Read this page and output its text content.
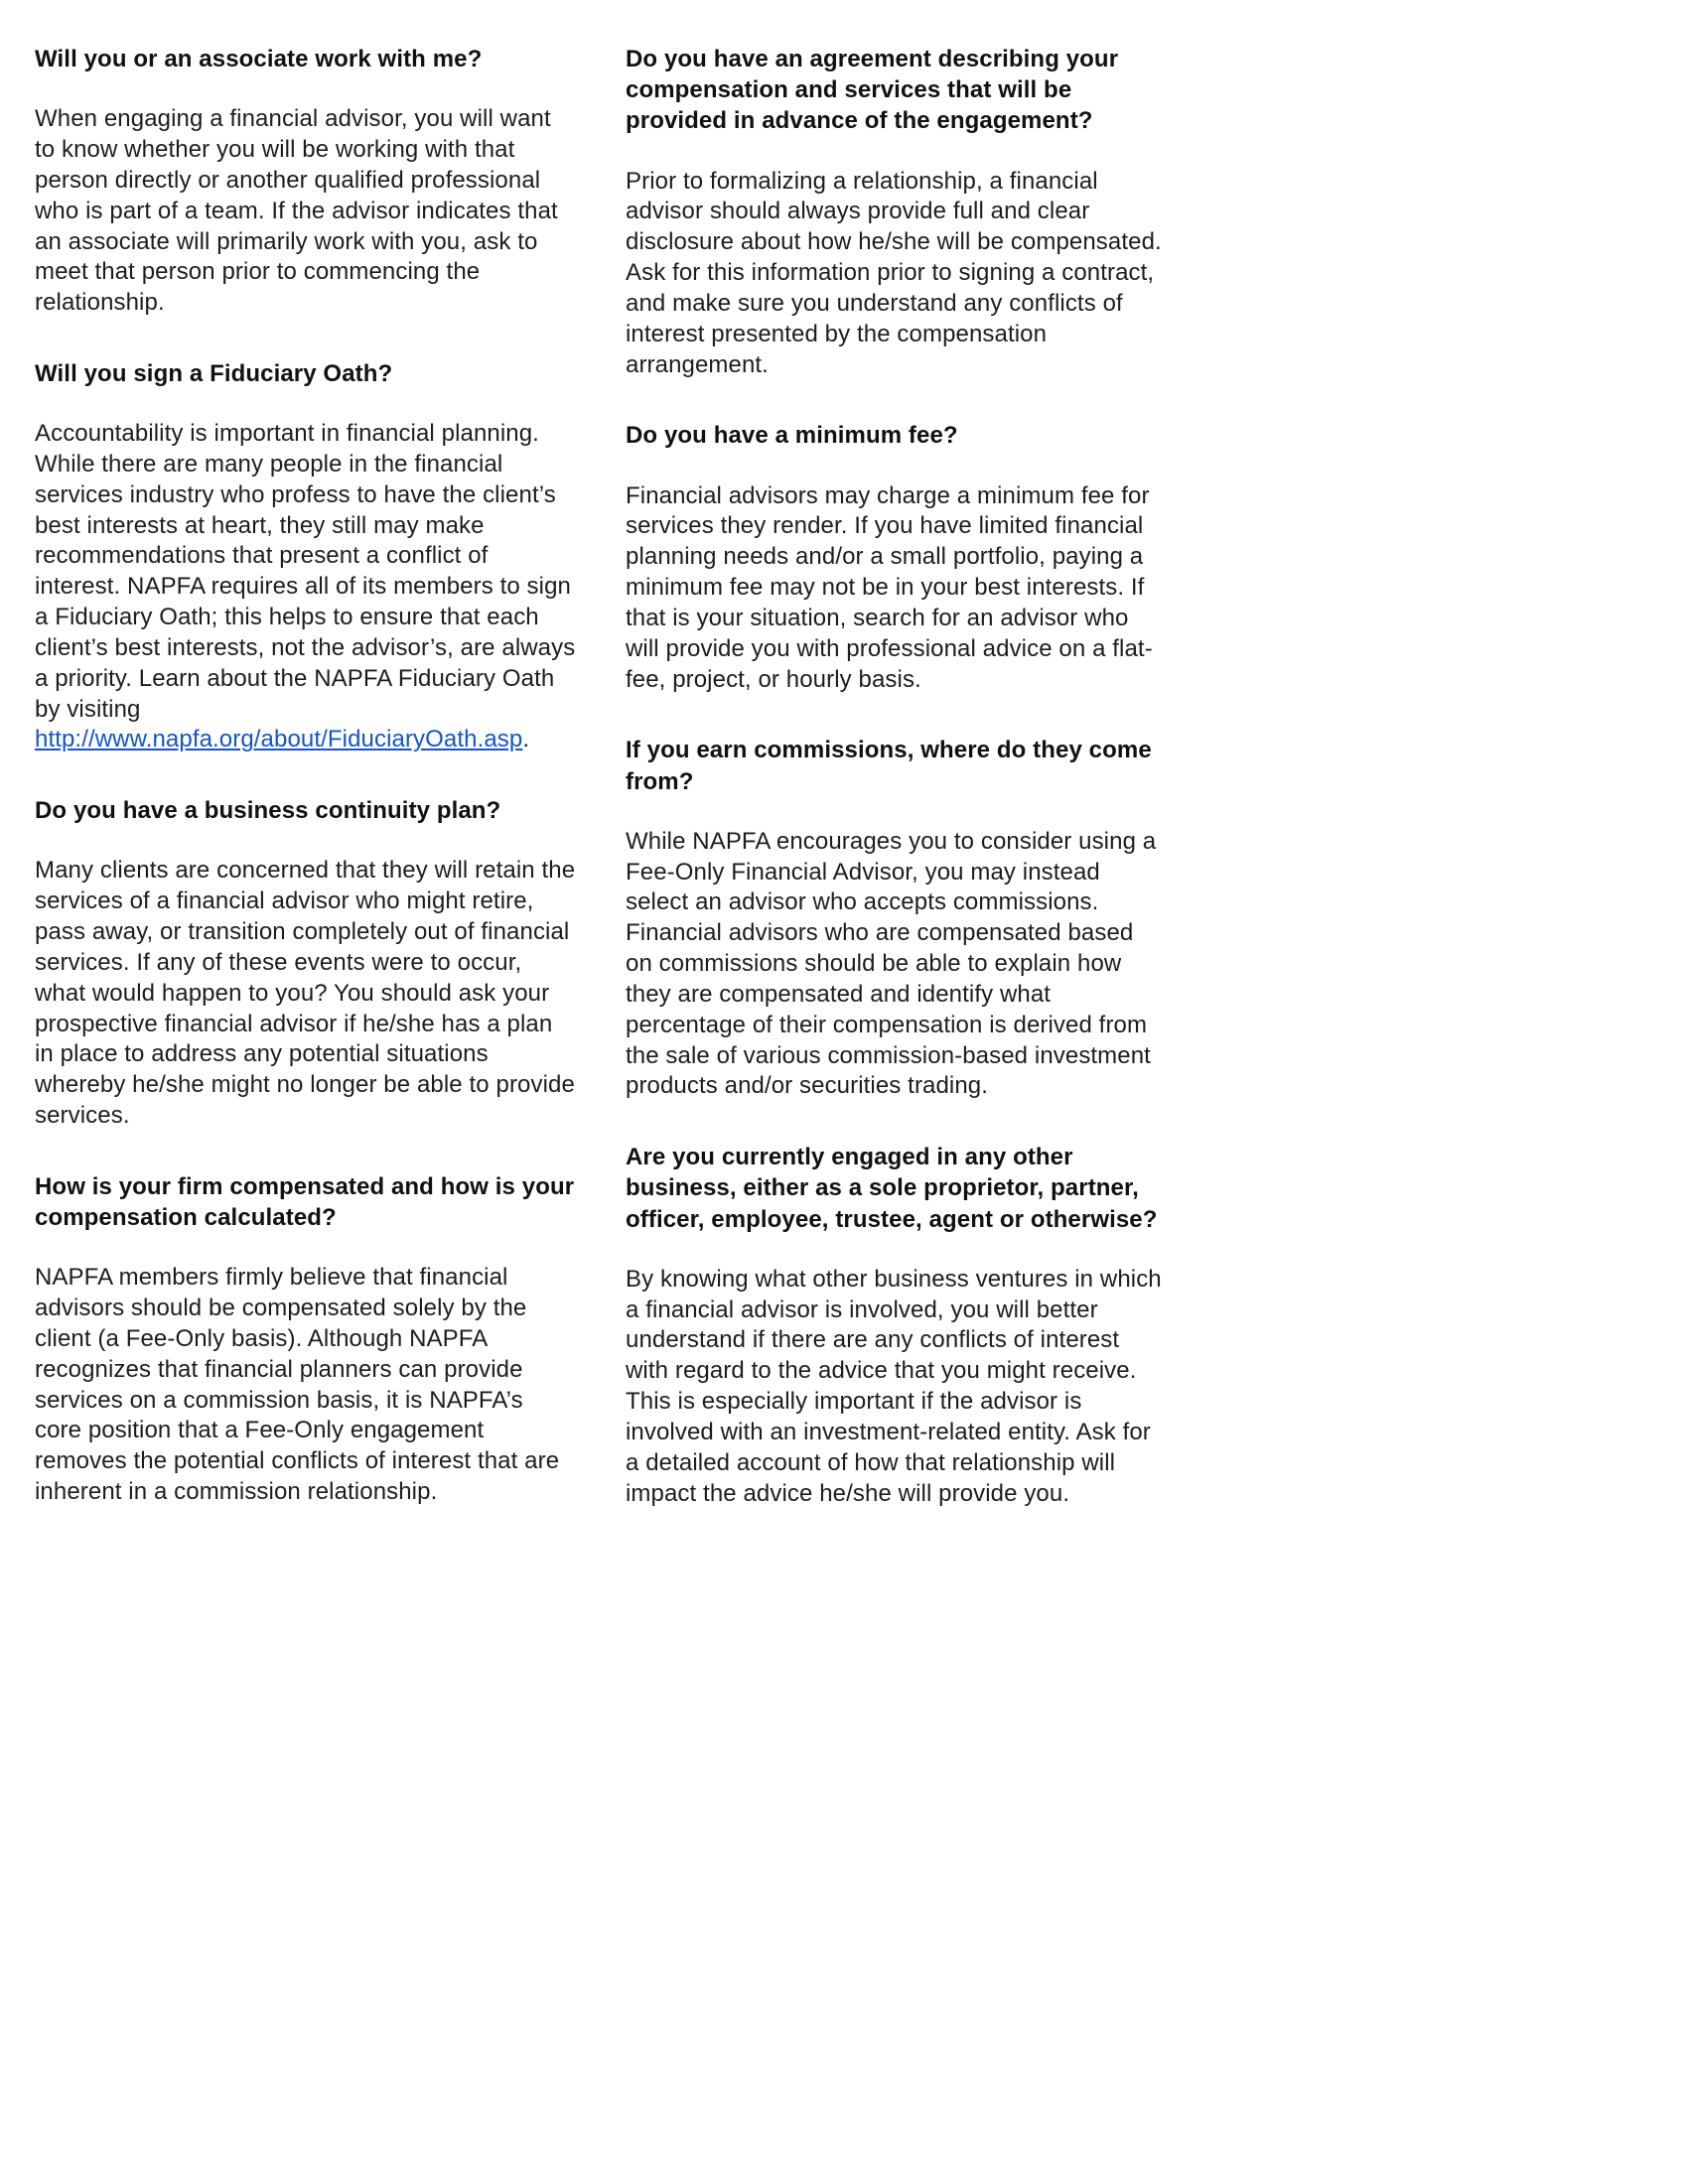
Will you or an associate work with me?

When engaging a financial advisor, you will want to know whether you will be working with that person directly or another qualified professional who is part of a team. If the advisor indicates that an associate will primarily work with you, ask to meet that person prior to commencing the relationship.

Will you sign a Fiduciary Oath?

Accountability is important in financial planning. While there are many people in the financial services industry who profess to have the client’s best interests at heart, they still may make recommendations that present a conflict of interest. NAPFA requires all of its members to sign a Fiduciary Oath; this helps to ensure that each client’s best interests, not the advisor’s, are always a priority. Learn about the NAPFA Fiduciary Oath by visiting http://www.napfa.org/about/FiduciaryOath.asp.

Do you have a business continuity plan?

Many clients are concerned that they will retain the services of a financial advisor who might retire, pass away, or transition completely out of financial services. If any of these events were to occur, what would happen to you? You should ask your prospective financial advisor if he/she has a plan in place to address any potential situations whereby he/she might no longer be able to provide services.

How is your firm compensated and how is your compensation calculated?

NAPFA members firmly believe that financial advisors should be compensated solely by the client (a Fee-Only basis). Although NAPFA recognizes that financial planners can provide services on a commission basis, it is NAPFA’s core position that a Fee-Only engagement removes the potential conflicts of interest that are inherent in a commission relationship.

Do you have an agreement describing your compensation and services that will be provided in advance of the engagement?

Prior to formalizing a relationship, a financial advisor should always provide full and clear disclosure about how he/she will be compensated. Ask for this information prior to signing a contract, and make sure you understand any conflicts of interest presented by the compensation arrangement.

Do you have a minimum fee?

Financial advisors may charge a minimum fee for services they render. If you have limited financial planning needs and/or a small portfolio, paying a minimum fee may not be in your best interests. If that is your situation, search for an advisor who will provide you with professional advice on a flat-fee, project, or hourly basis.

If you earn commissions, where do they come from?

While NAPFA encourages you to consider using a Fee-Only Financial Advisor, you may instead select an advisor who accepts commissions. Financial advisors who are compensated based on commissions should be able to explain how they are compensated and identify what percentage of their compensation is derived from the sale of various commission-based investment products and/or securities trading.

Are you currently engaged in any other business, either as a sole proprietor, partner, officer, employee, trustee, agent or otherwise?

By knowing what other business ventures in which a financial advisor is involved, you will better understand if there are any conflicts of interest with regard to the advice that you might receive. This is especially important if the advisor is involved with an investment-related entity. Ask for a detailed account of how that relationship will impact the advice he/she will provide you.
